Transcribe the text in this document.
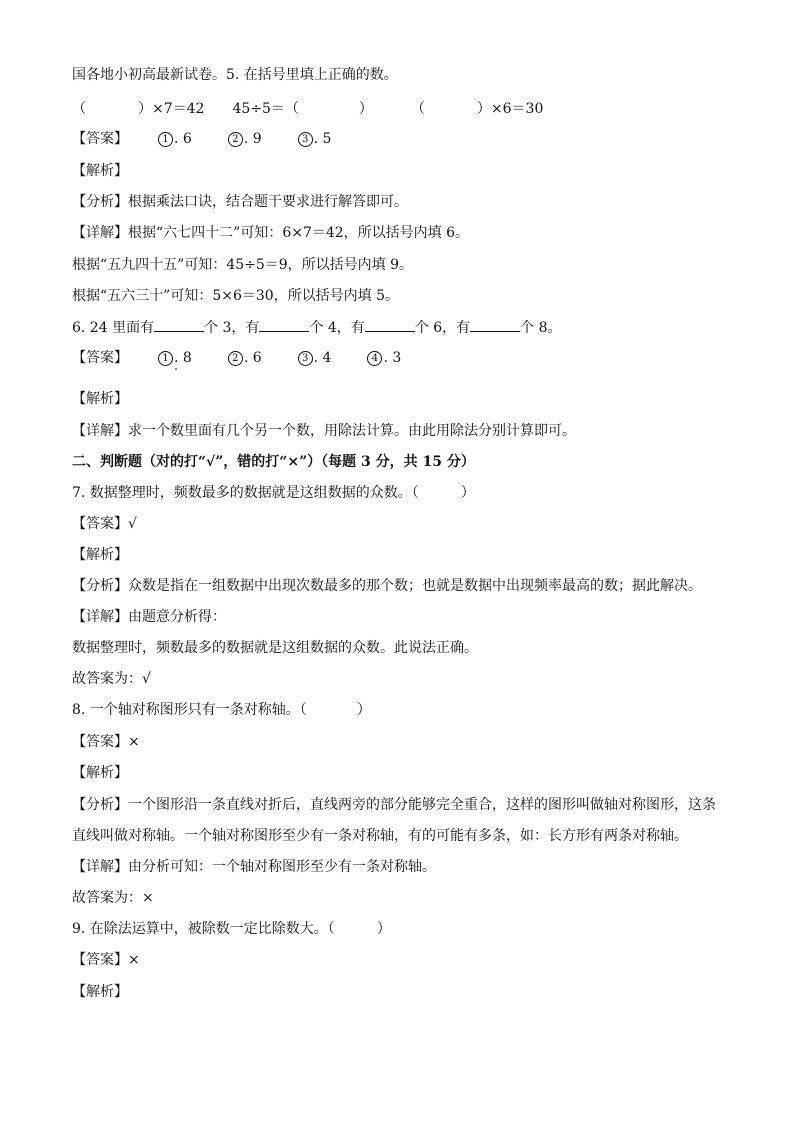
国各地小初高最新试卷。5. 在括号里填上正确的数。
（	）×7＝42 45÷5＝（	）	（	）×6＝30
【答案】	1 . 6	2 . 9	3 . 5
【解析】
【分析】根据乘法口诀，结合题干要求进行解答即可。
【详解】根据“六七四十二”可知：6×7＝42，所以括号内填 6。
根据“五九四十五”可知：45÷5＝9，所以括号内填 9。
根据“五六三十”可知：5×6＝30，所以括号内填 5。
6. 24 里面有	个 3，有	个 4，有	个 6，有	个 8。
【答案】	1 . 8	2 . 6	3 . 4	4 . 3
【解析】
【详解】求一个数里面有几个另一个数，用除法计算。由此用除法分别计算即可。
二、判断题（对的打“√”，错的打“×”）（每题 3 分，共 15 分）
7. 数据整理时，频数最多的数据就是这组数据的众数。（	）
【答案】√
【解析】
【分析】众数是指在一组数据中出现次数最多的那个数；也就是数据中出现频率最高的数；据此解决。
【详解】由题意分析得：
数据整理时，频数最多的数据就是这组数据的众数。此说法正确。
故答案为：√
8. 一个轴对称图形只有一条对称轴。（	）
【答案】×
【解析】
【分析】一个图形沿一条直线对折后，直线两旁的部分能够完全重合，这样的图形叫做轴对称图形，这条
直线叫做对称轴。一个轴对称图形至少有一条对称轴，有的可能有多条，如：长方形有两条对称轴。
【详解】由分析可知：一个轴对称图形至少有一条对称轴。
故答案为：×
9. 在除法运算中，被除数一定比除数大。（	）
【答案】×
【解析】
